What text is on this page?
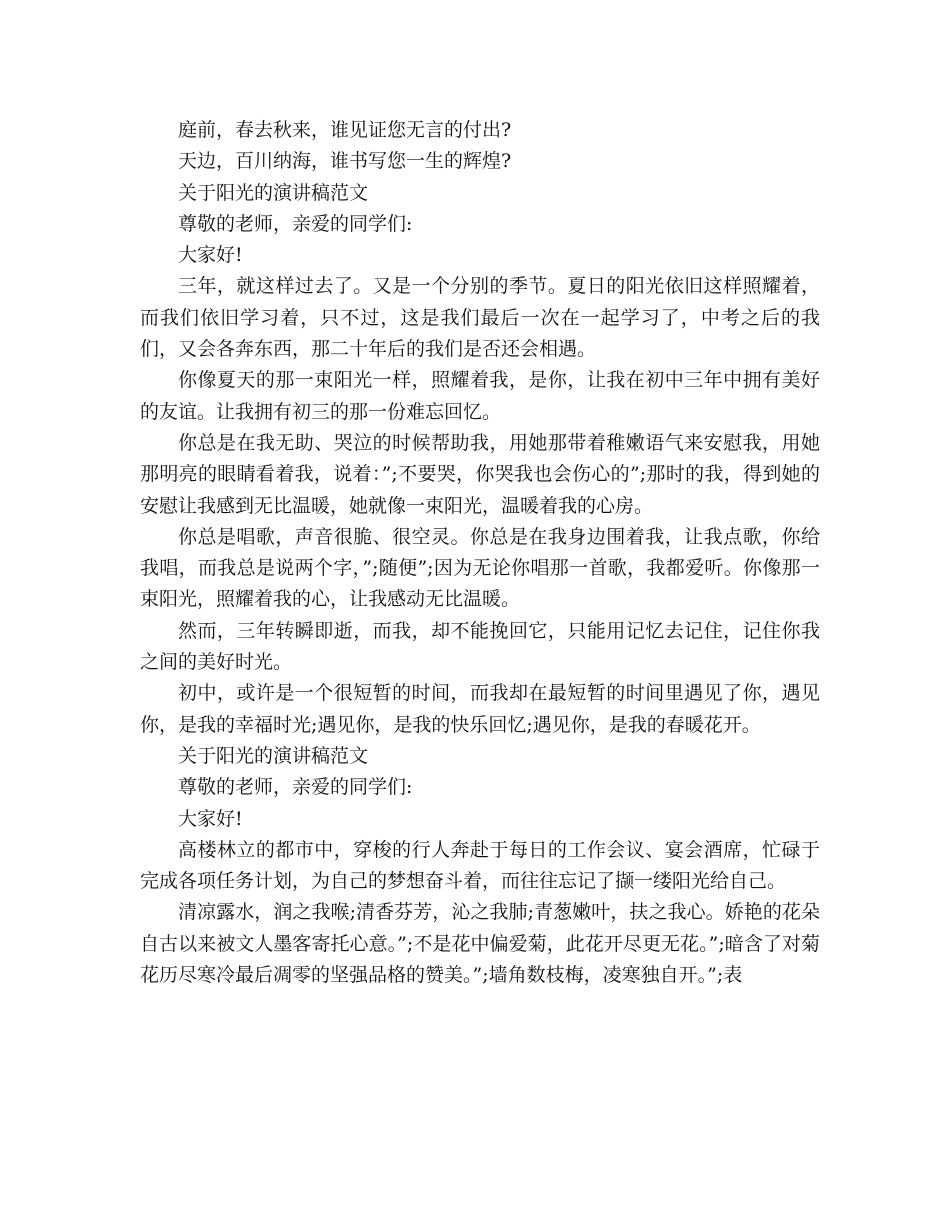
庭前，春去秋来，谁见证您无言的付出?

天边，百川纳海，谁书写您一生的辉煌?

关于阳光的演讲稿范文

尊敬的老师，亲爱的同学们:

大家好!

三年，就这样过去了。又是一个分别的季节。夏日的阳光依旧这样照耀着，而我们依旧学习着，只不过，这是我们最后一次在一起学习了，中考之后的我们，又会各奔东西，那二十年后的我们是否还会相遇。

你像夏天的那一束阳光一样，照耀着我，是你，让我在初中三年中拥有美好的友谊。让我拥有初三的那一份难忘回忆。

你总是在我无助、哭泣的时候帮助我，用她那带着稚嫩语气来安慰我，用她那明亮的眼睛看着我，说着：”;不要哭，你哭我也会伤心的”;那时的我，得到她的安慰让我感到无比温暖，她就像一束阳光，温暖着我的心房。

你总是唱歌，声音很脆、很空灵。你总是在我身边围着我，让我点歌，你给我唱，而我总是说两个字，”;随便”;因为无论你唱那一首歌，我都爱听。你像那一束阳光，照耀着我的心，让我感动无比温暖。

然而，三年转瞬即逝，而我，却不能挽回它，只能用记忆去记住，记住你我之间的美好时光。

初中，或许是一个很短暂的时间，而我却在最短暂的时间里遇见了你，遇见你，是我的幸福时光;遇见你，是我的快乐回忆;遇见你，是我的春暖花开。

关于阳光的演讲稿范文

尊敬的老师，亲爱的同学们:

大家好!

高楼林立的都市中，穿梭的行人奔赴于每日的工作会议、宴会酒席，忙碌于完成各项任务计划，为自己的梦想奋斗着，而往往忘记了撷一缕阳光给自己。

清凉露水，润之我喉;清香芬芳，沁之我肺;青葱嫩叶，扶之我心。娇艳的花朵自古以来被文人墨客寄托心意。”;不是花中偏爱菊，此花开尽更无花。”;暗含了对菊花历尽寒冷最后凋零的坚强品格的赞美。”;墙角数枝梅，凌寒独自开。”;表
